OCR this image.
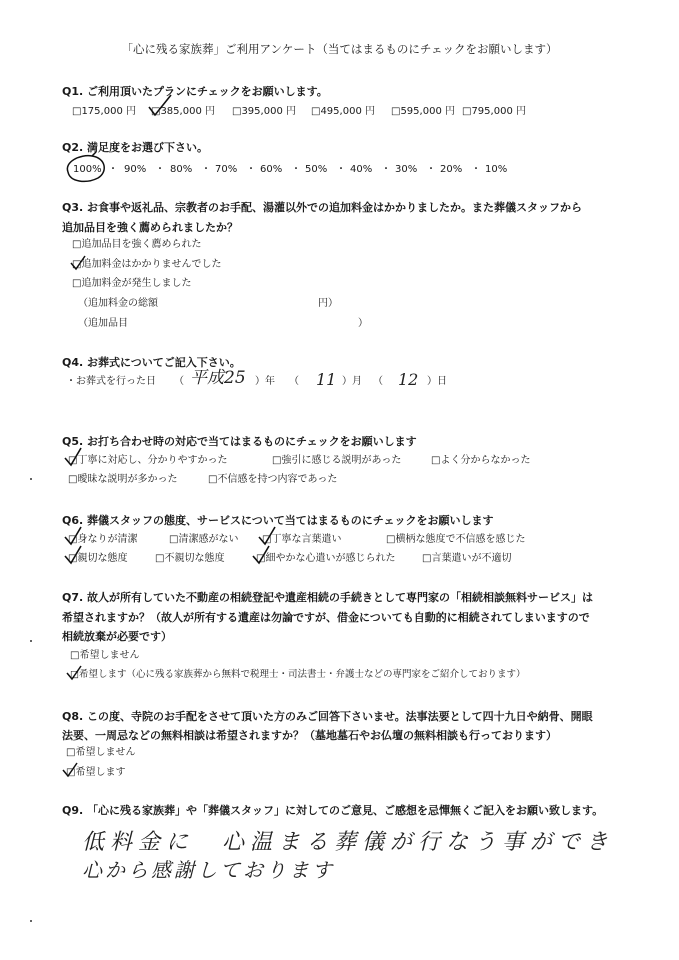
「心に残る家族葬」ご利用アンケート（当てはまるものにチェックをお願いします）
Q1. ご利用頂いたプランにチェックをお願いします。
□175,000 円 □385,000 円 □395,000 円 □495,000 円 □595,000 円 □795,000 円
Q2. 満足度をお選び下さい。
100% ・ 90% ・ 80% ・ 70% ・ 60% ・ 50% ・ 40% ・ 30% ・ 20% ・ 10%
Q3. お食事や返礼品、宗教者のお手配、湯灌以外での追加料金はかかりましたか。また葬儀スタッフから
追加品目を強く薦められましたか？
□追加品目を強く薦められた
□追加料金はかかりませんでした
□追加料金が発生しました
（追加料金の総額	円）
（追加品目	）
Q4. お葬式についてご記入下さい。
・お葬式を行った日 （ 平成25 ）年 （ 11 ）月 （ 12 ）日
Q5. お打ち合わせ時の対応で当てはまるものにチェックをお願いします
□丁寧に対応し、分かりやすかった	□強引に感じる説明があった	□よく分からなかった
□曖昧な説明が多かった	□不信感を持つ内容であった
Q6. 葬儀スタッフの態度、サービスについて当てはまるものにチェックをお願いします
□身なりが清潔	□清潔感がない □丁寧な言葉遣い	□横柄な態度で不信感を感じた
□親切な態度	□不親切な態度	□細やかな心遣いが感じられた	□言葉遣いが不適切
Q7. 故人が所有していた不動産の相続登記や遺産相続の手続きとして専門家の「相続相談無料サービス」は
希望されますか？（故人が所有する遺産は勿論ですが、借金についても自動的に相続されてしまいますので
相続放棄が必要です）
□希望しません
□希望します（心に残る家族葬から無料で税理士・司法書士・弁護士などの専門家をご紹介しております）
Q8. この度、寺院のお手配をさせて頂いた方のみご回答下さいませ。法事法要として四十九日や納骨、開眼
法要、一周忌などの無料相談は希望されますか？（墓地墓石やお仏壇の無料相談も行っております）
□希望しません
□希望します
Q9. 「心に残る家族葬」や「葬儀スタッフ」に対してのご意見、ご感想を忌憚無くご記入をお願い致します。
低料金に　心温まる葬儀が行なう事ができ
心から感謝しております
